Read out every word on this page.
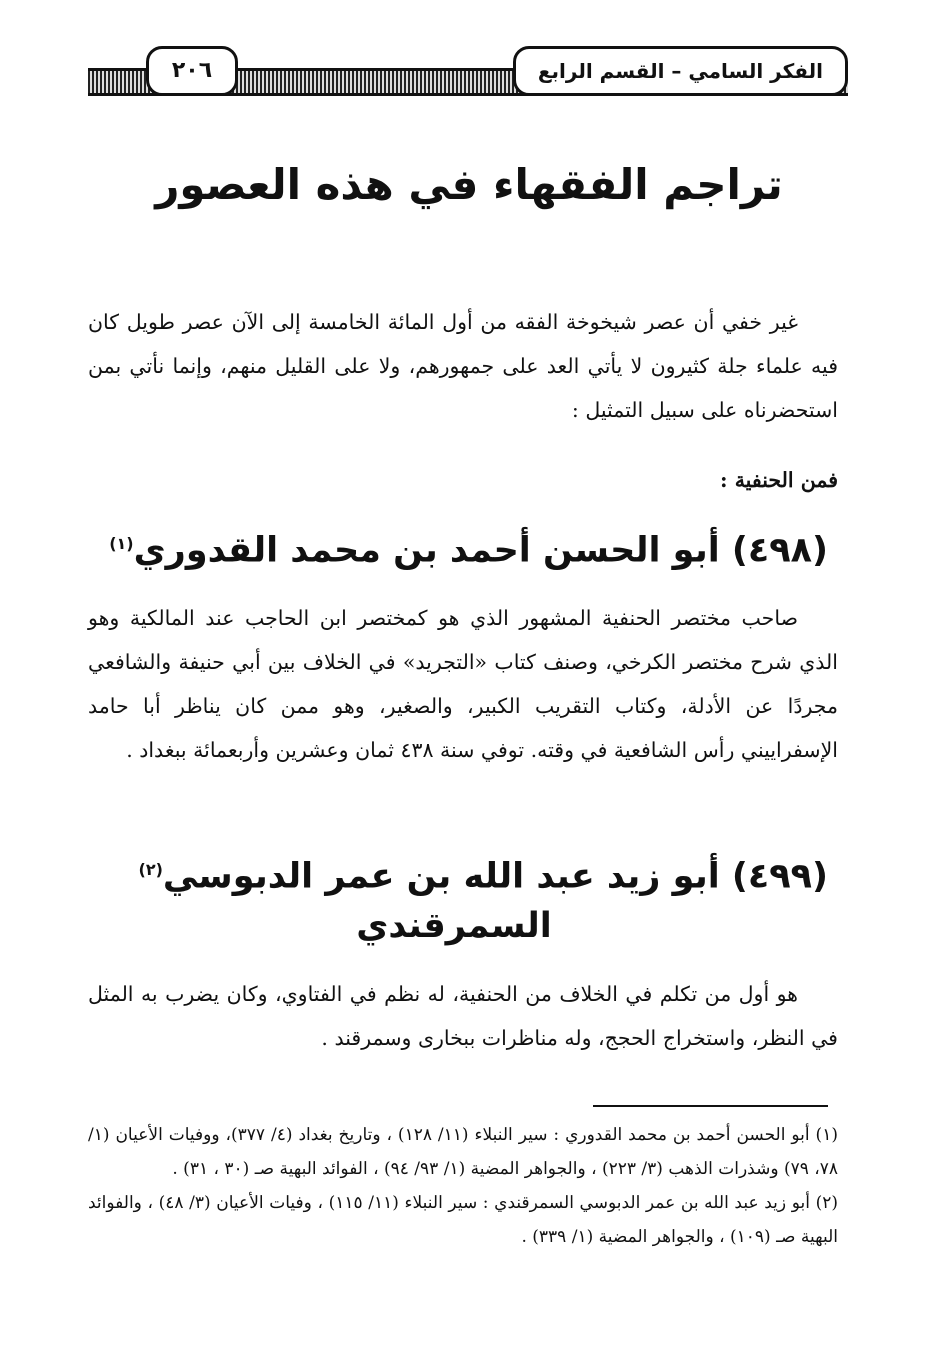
الفكر السامي – القسم الرابع
٢٠٦
تراجم الفقهاء في هذه العصور

غير خفي أن عصر شيخوخة الفقه من أول المائة الخامسة إلى الآن عصر طويل كان فيه علماء جلة كثيرون لا يأتي العد على جمهورهم، ولا على القليل منهم، وإنما نأتي بمن استحضرناه على سبيل التمثيل :

فمن الحنفية :

(٤٩٨) أبو الحسن أحمد بن محمد القدوري$^{(١)}$

صاحب مختصر الحنفية المشهور الذي هو كمختصر ابن الحاجب عند المالكية وهو الذي شرح مختصر الكرخي، وصنف كتاب «التجريد» في الخلاف بين أبي حنيفة والشافعي مجردًا عن الأدلة، وكتاب التقريب الكبير، والصغير، وهو ممن كان يناظر أبا حامد الإسفراييني رأس الشافعية في وقته. توفي سنة ٤٣٨ ثمان وعشرين وأربعمائة ببغداد .

(٤٩٩) أبو زيد عبد الله بن عمر الدبوسي$^{(٢)}$
السمرقندي

هو أول من تكلم في الخلاف من الحنفية، له نظم في الفتاوي، وكان يضرب به المثل في النظر، واستخراج الحجج، وله مناظرات ببخارى وسمرقند .

(١) أبو الحسن أحمد بن محمد القدوري : سير النبلاء (١١/ ١٢٨) ، وتاريخ بغداد (٤/ ٣٧٧)، ووفيات الأعيان (١/ ٧٨، ٧٩) وشذرات الذهب (٣/ ٢٢٣) ، والجواهر المضية (١/ ٩٣/ ٩٤) ، الفوائد البهية صـ (٣٠ ، ٣١) .

(٢) أبو زيد عبد الله بن عمر الدبوسي السمرقندي : سير النبلاء (١١/ ١١٥) ، وفيات الأعيان (٣/ ٤٨) ، والفوائد البهية صـ (١٠٩) ، والجواهر المضية (١/ ٣٣٩) .
